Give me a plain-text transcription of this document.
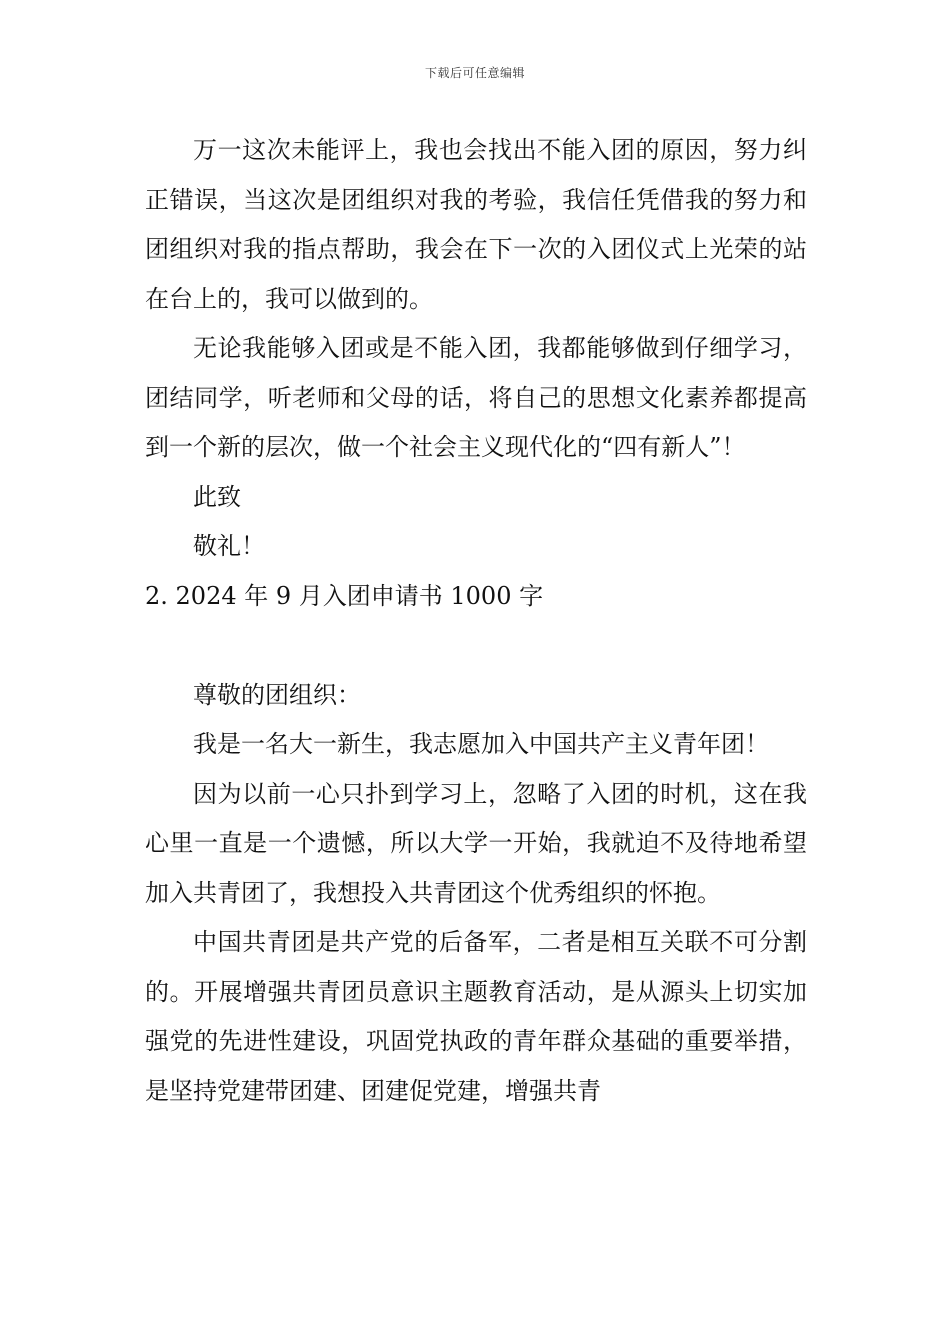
下载后可任意编辑

万一这次未能评上，我也会找出不能入团的原因，努力纠正错误，当这次是团组织对我的考验，我信任凭借我的努力和团组织对我的指点帮助，我会在下一次的入团仪式上光荣的站在台上的，我可以做到的。

无论我能够入团或是不能入团，我都能够做到仔细学习，团结同学，听老师和父母的话，将自己的思想文化素养都提高到一个新的层次，做一个社会主义现代化的“四有新人”！

此致

敬礼！

2. 2024 年 9 月入团申请书 1000 字

尊敬的团组织：

我是一名大一新生，我志愿加入中国共产主义青年团！

因为以前一心只扑到学习上，忽略了入团的时机，这在我心里一直是一个遗憾，所以大学一开始，我就迫不及待地希望加入共青团了，我想投入共青团这个优秀组织的怀抱。

中国共青团是共产党的后备军，二者是相互关联不可分割的。开展增强共青团员意识主题教育活动，是从源头上切实加强党的先进性建设，巩固党执政的青年群众基础的重要举措，是坚持党建带团建、团建促党建，增强共青
